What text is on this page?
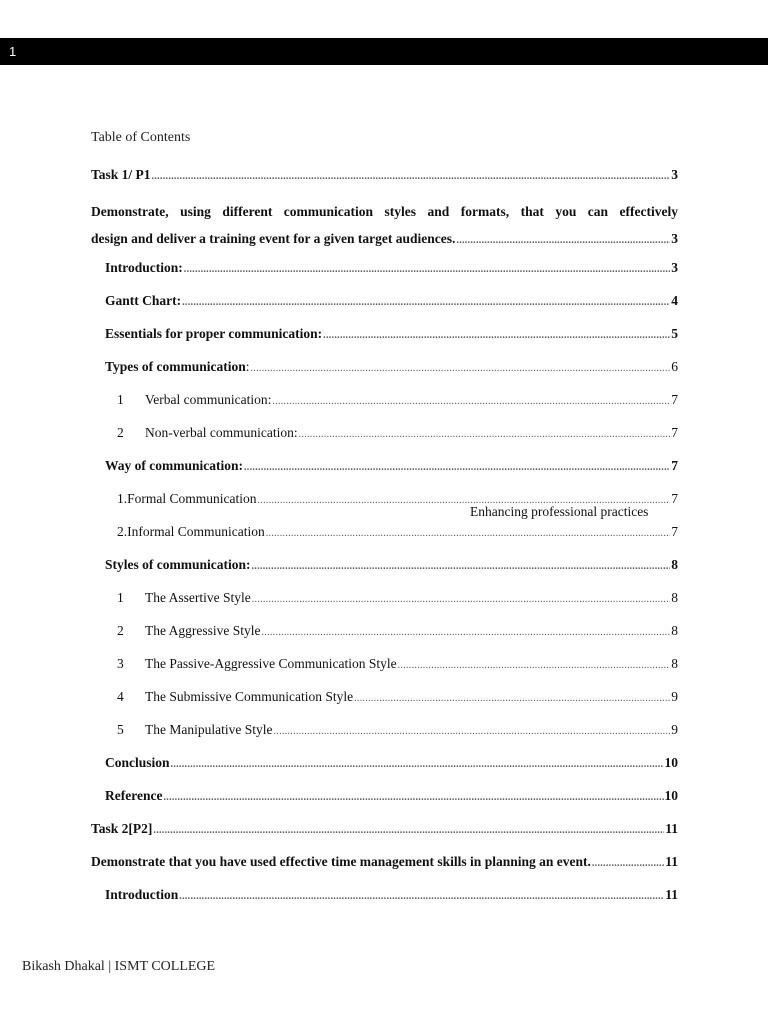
1
Table of Contents
Task 1/ P1 .....	3
Demonstrate, using different communication styles and formats, that you can effectively
design and deliver a training event for a given target audiences. .....	3
Introduction: .....	3
Gantt Chart: .....	4
Essentials for proper communication: .....	5
Types of communication: .....	6
1 Verbal communication: .....	7
2 Non-verbal communication: .....	7
Way of communication: .....	7
1.Formal Communication .....	7
2.Informal Communication .....	7
Styles of communication: .....	8
1 The Assertive Style .....	8
2 The Aggressive Style .....	8
3 The Passive-Aggressive Communication Style .....	8
4 The Submissive Communication Style .....	9
5 The Manipulative Style .....	9
Conclusion .....	10
Reference .....	10
Task 2[P2] .....	11
Demonstrate that you have used effective time management skills in planning an event. .....	11
Introduction .....	11
Enhancing professional practices
Bikash Dhakal | ISMT COLLEGE
